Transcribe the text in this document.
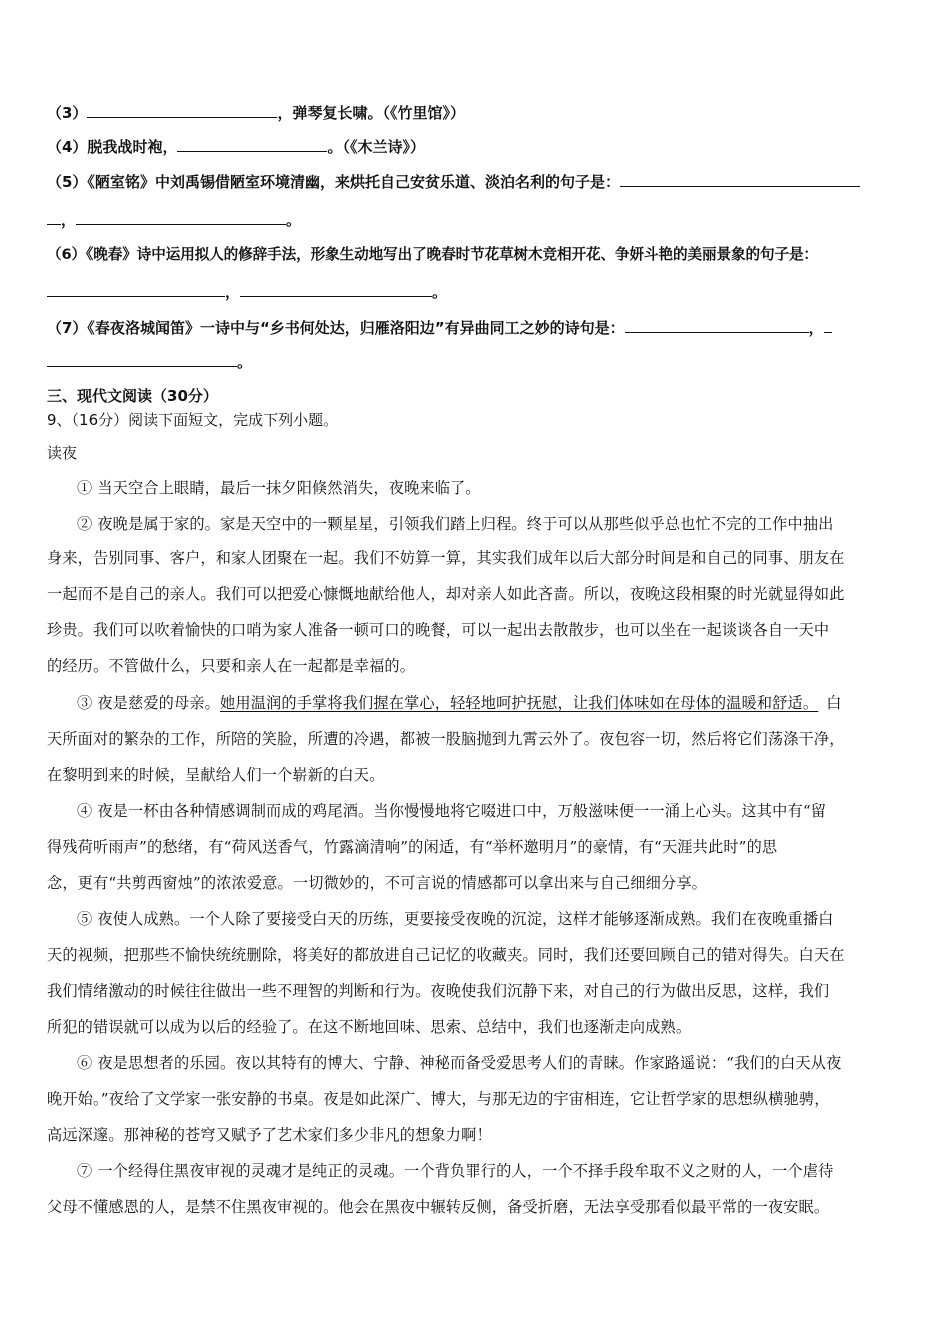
（3）	，弹琴复长啸。（《竹里馆》）
（4）脱我战时袍，	。（《木兰诗》）
（5）《陋室铭》中刘禹锡借陋室环境清幽，来烘托自己安贫乐道、淡泊名利的句子是：
，	。
（6）《晚春》诗中运用拟人的修辞手法，形象生动地写出了晚春时节花草树木竞相开花、争妍斗艳的美丽景象的句子是：
，	。
（7）《春夜洛城闻笛》一诗中与“乡书何处达，归雁洛阳边”有异曲同工之妙的诗句是：	，
。
三、现代文阅读（30分）
9、（16分）阅读下面短文，完成下列小题。
读夜
① 当天空合上眼睛，最后一抹夕阳倏然消失，夜晚来临了。
② 夜晚是属于家的。家是天空中的一颗星星，引领我们踏上归程。终于可以从那些似乎总也忙不完的工作中抽出
身来，告别同事、客户，和家人团聚在一起。我们不妨算一算，其实我们成年以后大部分时间是和自己的同事、朋友在
一起而不是自己的亲人。我们可以把爱心慷慨地献给他人，却对亲人如此吝啬。所以，夜晚这段相聚的时光就显得如此
珍贵。我们可以吹着愉快的口哨为家人准备一顿可口的晚餐，可以一起出去散散步，也可以坐在一起谈谈各自一天中
的经历。不管做什么，只要和亲人在一起都是幸福的。
③ 夜是慈爱的母亲。她用温润的手掌将我们握在掌心，轻轻地呵护抚慰，让我们体味如在母体的温暖和舒适。 白
天所面对的繁杂的工作，所陪的笑脸，所遭的冷遇，都被一股脑抛到九霄云外了。夜包容一切，然后将它们荡涤干净，
在黎明到来的时候，呈献给人们一个崭新的白天。
④ 夜是一杯由各种情感调制而成的鸡尾酒。当你慢慢地将它啜进口中，万般滋味便一一涌上心头。这其中有“留
得残荷听雨声”的愁绪，有“荷风送香气，竹露滴清响”的闲适，有“举杯邀明月”的豪情，有“天涯共此时”的思
念，更有“共剪西窗烛”的浓浓爱意。一切微妙的，不可言说的情感都可以拿出来与自己细细分享。
⑤ 夜使人成熟。一个人除了要接受白天的历练，更要接受夜晚的沉淀，这样才能够逐渐成熟。我们在夜晚重播白
天的视频，把那些不愉快统统删除，将美好的都放进自己记忆的收藏夹。同时，我们还要回顾自己的错对得失。白天在
我们情绪激动的时候往往做出一些不理智的判断和行为。夜晚使我们沉静下来，对自己的行为做出反思，这样，我们
所犯的错误就可以成为以后的经验了。在这不断地回味、思索、总结中，我们也逐渐走向成熟。
⑥ 夜是思想者的乐园。夜以其特有的博大、宁静、神秘而备受爱思考人们的青睐。作家路遥说：“我们的白天从夜
晚开始。”夜给了文学家一张安静的书桌。夜是如此深广、博大，与那无边的宇宙相连，它让哲学家的思想纵横驰骋，
高远深邃。那神秘的苍穹又赋予了艺术家们多少非凡的想象力啊！
⑦ 一个经得住黑夜审视的灵魂才是纯正的灵魂。一个背负罪行的人，一个不择手段牟取不义之财的人，一个虐待
父母不懂感恩的人，是禁不住黑夜审视的。他会在黑夜中辗转反侧，备受折磨，无法享受那看似最平常的一夜安眠。
